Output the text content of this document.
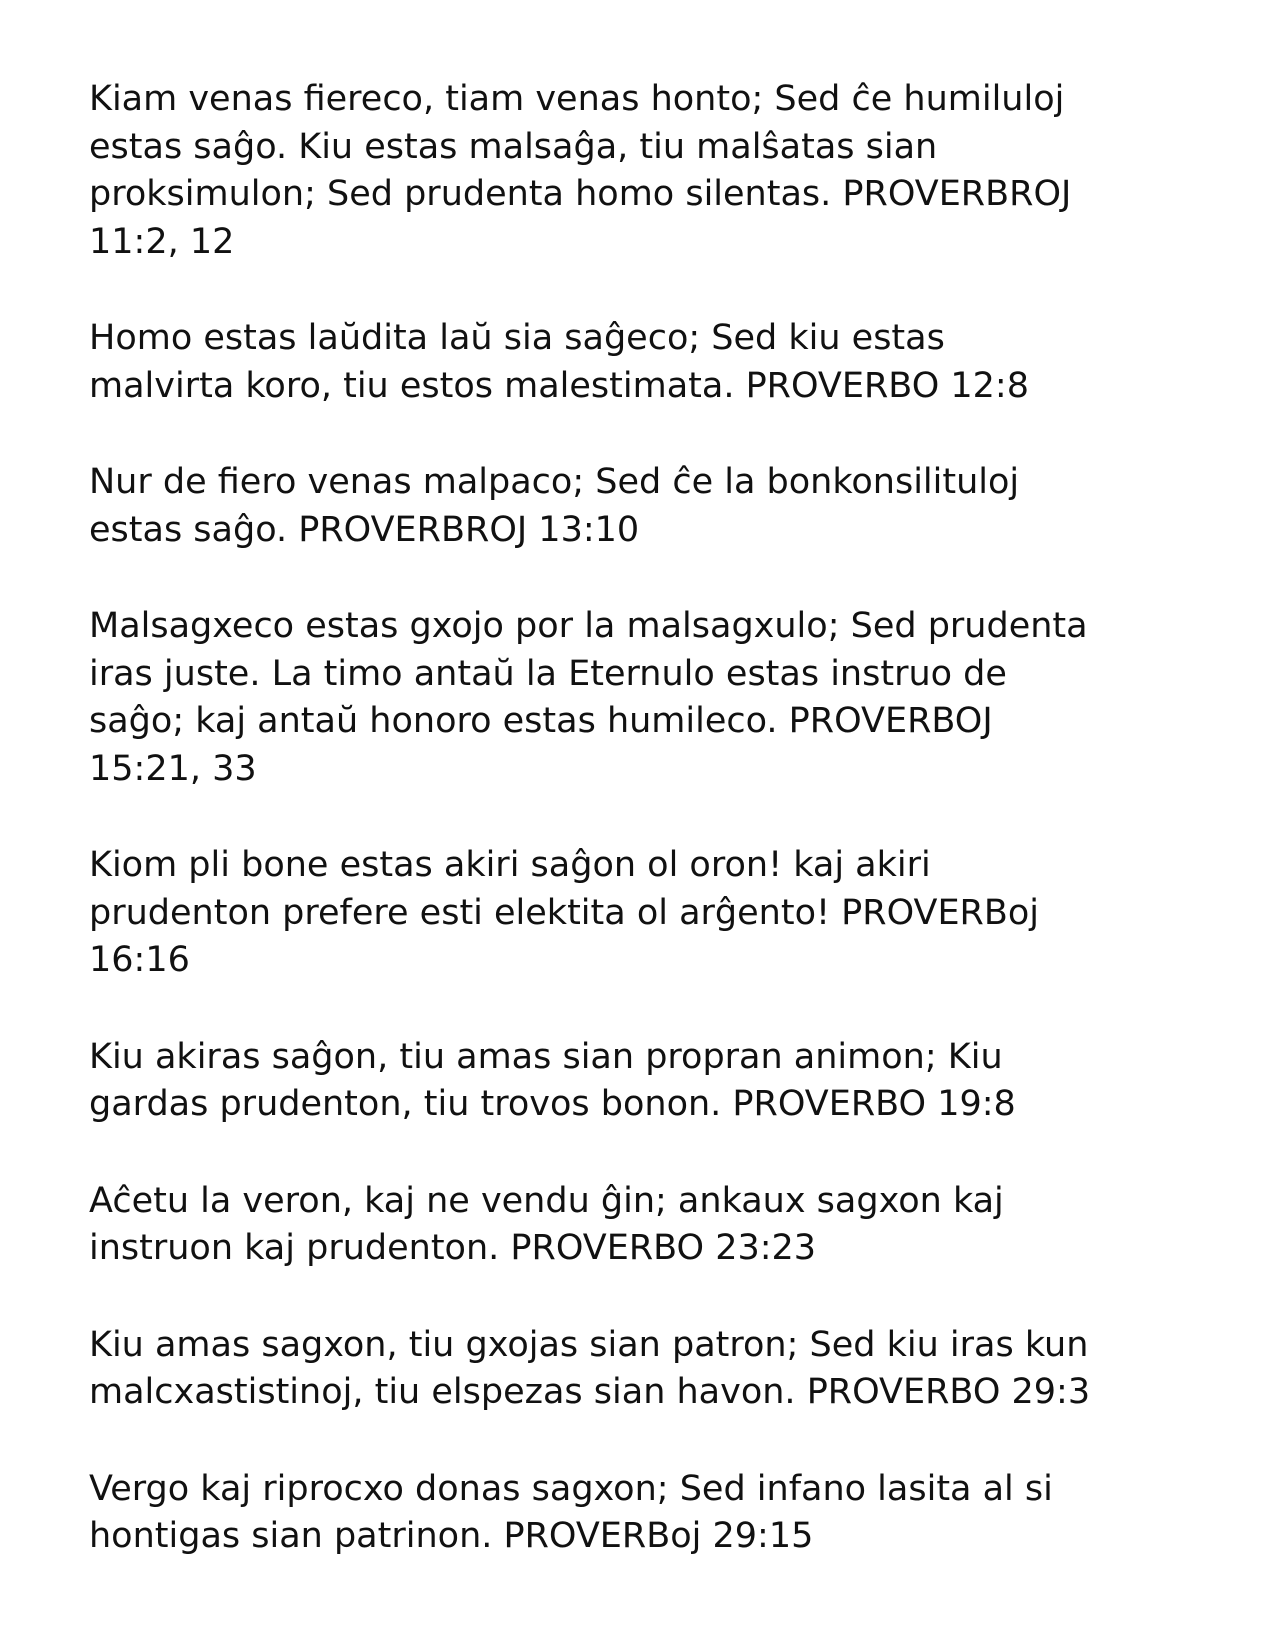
Kiam venas fiereco, tiam venas honto; Sed ĉe humiluloj
estas saĝo. Kiu estas malsaĝa, tiu malŝatas sian
proksimulon; Sed prudenta homo silentas. PROVERBROJ
11:2, 12

Homo estas laŭdita laŭ sia saĝeco; Sed kiu estas
malvirta koro, tiu estos malestimata. PROVERBO 12:8

Nur de fiero venas malpaco; Sed ĉe la bonkonsilituloj
estas saĝo. PROVERBROJ 13:10

Malsagxeco estas gxojo por la malsagxulo; Sed prudenta
iras juste. La timo antaŭ la Eternulo estas instruo de
saĝo; kaj antaŭ honoro estas humileco. PROVERBOJ
15:21, 33

Kiom pli bone estas akiri saĝon ol oron! kaj akiri
prudenton prefere esti elektita ol arĝento! PROVERBoj
16:16

Kiu akiras saĝon, tiu amas sian propran animon; Kiu
gardas prudenton, tiu trovos bonon. PROVERBO 19:8

Aĉetu la veron, kaj ne vendu ĝin; ankaux sagxon kaj
instruon kaj prudenton. PROVERBO 23:23

Kiu amas sagxon, tiu gxojas sian patron; Sed kiu iras kun
malcxastistinoj, tiu elspezas sian havon. PROVERBO 29:3

Vergo kaj riprocxo donas sagxon; Sed infano lasita al si
hontigas sian patrinon. PROVERBoj 29:15
